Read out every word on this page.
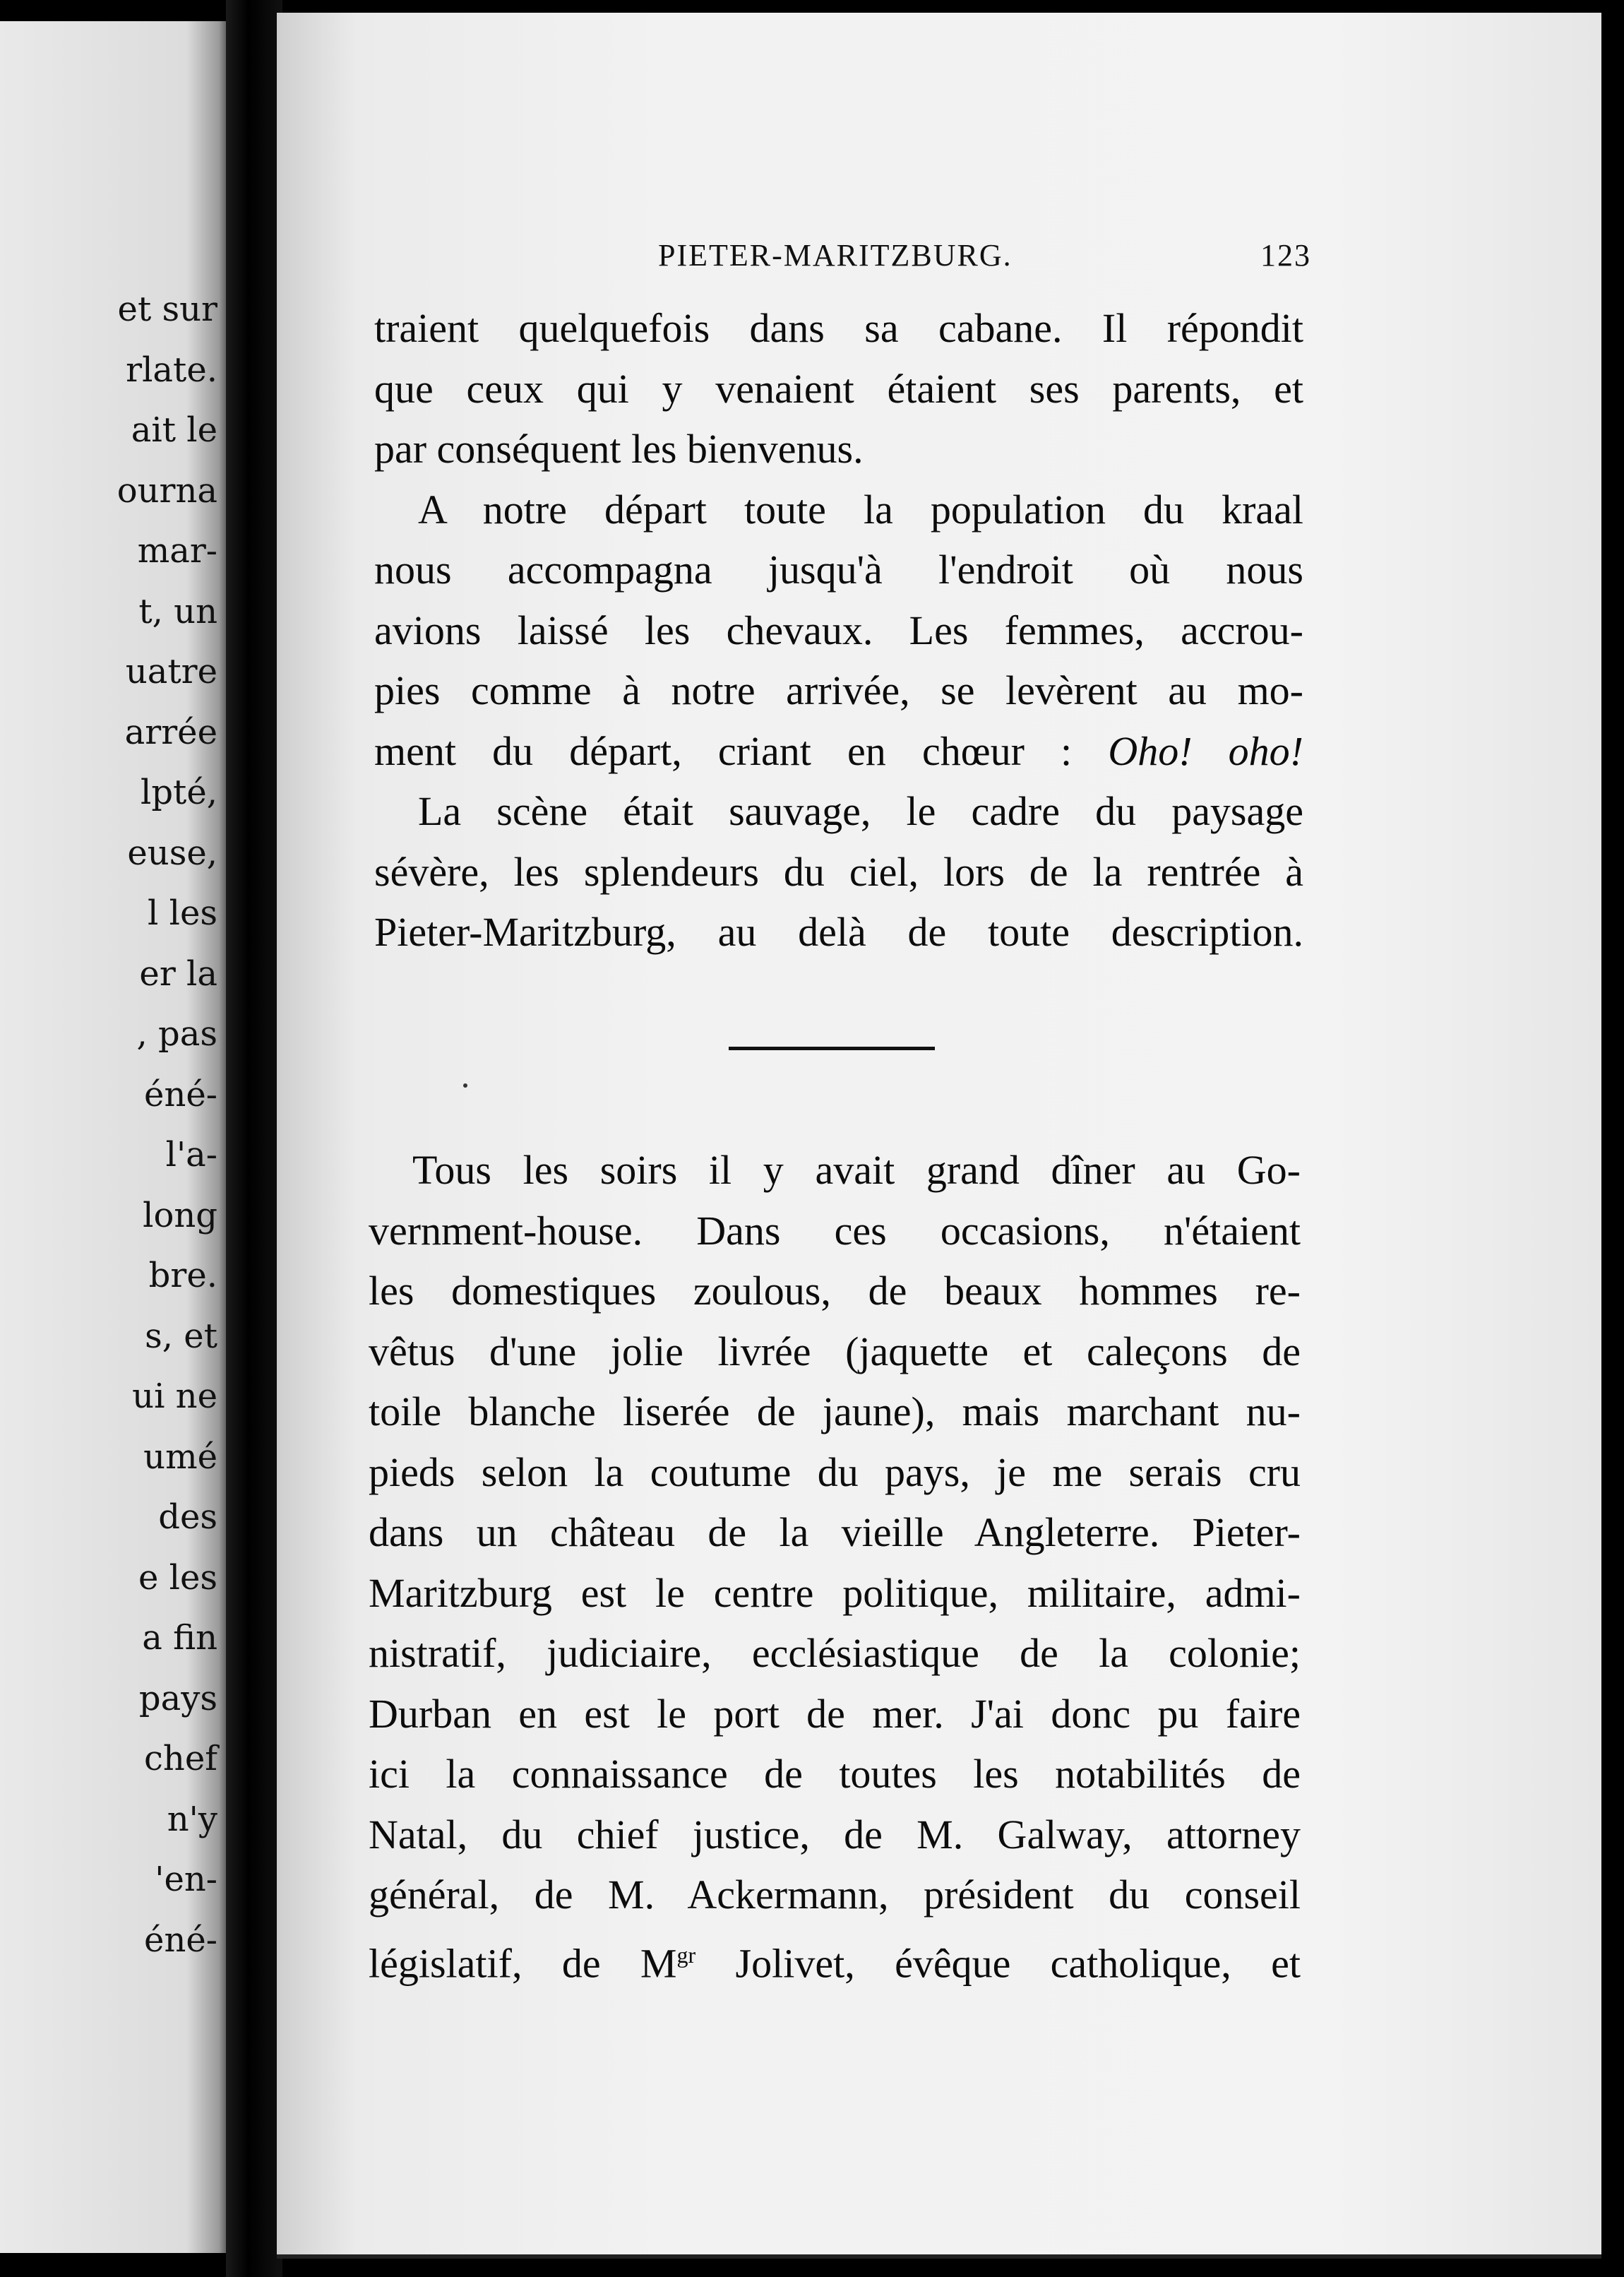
et sur
rlate.
ait le
ourna
mar-
t, un
uatre
arrée
lpté,
euse,
l les
er la
, pas
éné-
l'a-
long
bre.
s, et
ui ne
umé
des
e les
a fin
pays
chef
n'y
'en-
éné-
PIETER-MARITZBURG.	123
traient quelquefois dans sa cabane. Il répondit
que ceux qui y venaient étaient ses parents, et
par conséquent les bienvenus.
A notre départ toute la population du kraal
nous accompagna jusqu'à l'endroit où nous
avions laissé les chevaux. Les femmes, accrou-
pies comme à notre arrivée, se levèrent au mo-
ment du départ, criant en chœur : Oho! oho!
La scène était sauvage, le cadre du paysage
sévère, les splendeurs du ciel, lors de la rentrée à
Pieter-Maritzburg, au delà de toute description.
Tous les soirs il y avait grand dîner au Go-
vernment-house. Dans ces occasions, n'étaient
les domestiques zoulous, de beaux hommes re-
vêtus d'une jolie livrée (jaquette et caleçons de
toile blanche liserée de jaune), mais marchant nu-
pieds selon la coutume du pays, je me serais cru
dans un château de la vieille Angleterre. Pieter-
Maritzburg est le centre politique, militaire, admi-
nistratif, judiciaire, ecclésiastique de la colonie;
Durban en est le port de mer. J'ai donc pu faire
ici la connaissance de toutes les notabilités de
Natal, du chief justice, de M. Galway, attorney
général, de M. Ackermann, président du conseil
législatif, de $M^{gr}$ Jolivet, évêque catholique, et
